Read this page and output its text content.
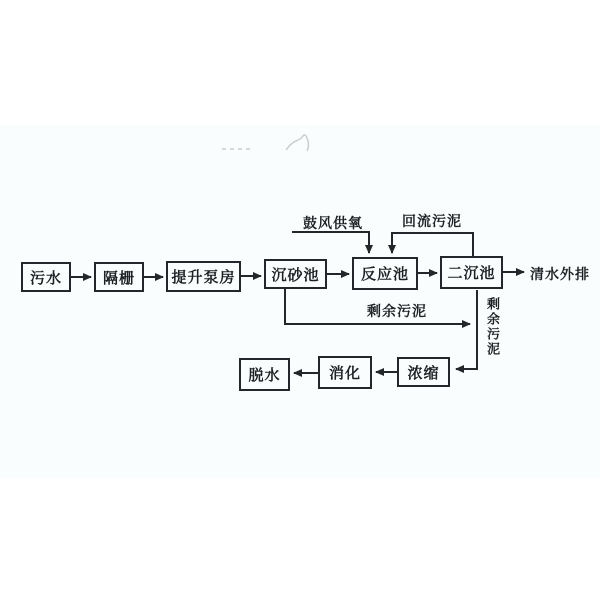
污水	隔栅	提升泵房	沉砂池	反应池	二沉池
脱水	消化	浓缩
清水外排
鼓风供氧	回流污泥
剩余污泥	剩余污泥
